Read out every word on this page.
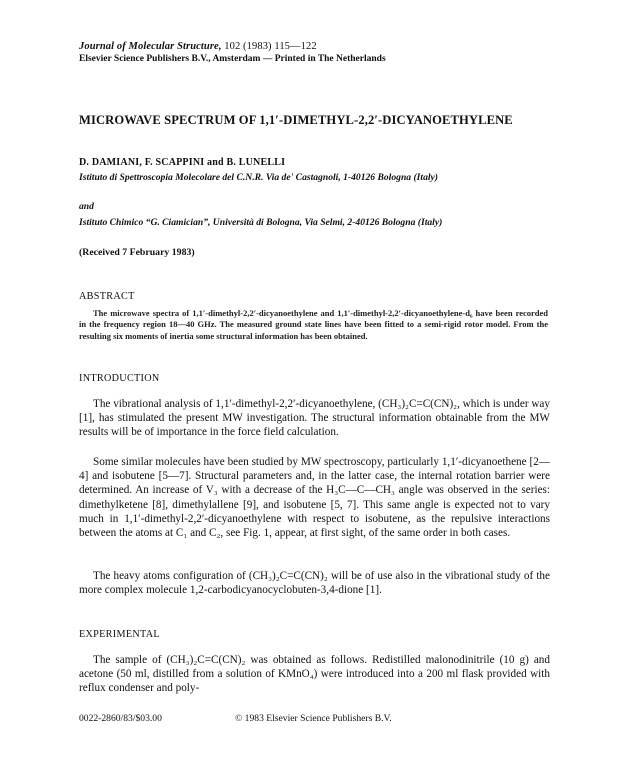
Journal of Molecular Structure, 102 (1983) 115—122
Elsevier Science Publishers B.V., Amsterdam — Printed in The Netherlands
MICROWAVE SPECTRUM OF 1,1′-DIMETHYL-2,2′-DICYANOETHYLENE
D. DAMIANI, F. SCAPPINI and B. LUNELLI
Istituto di Spettroscopia Molecolare del C.N.R. Via de' Castagnoli, 1-40126 Bologna (Italy)
and
Istituto Chimico “G. Ciamician”, Università di Bologna, Via Selmi, 2-40126 Bologna (Italy)
(Received 7 February 1983)
ABSTRACT
The microwave spectra of 1,1′-dimethyl-2,2′-dicyanoethylene and 1,1′-dimethyl-2,2′-dicyanoethylene-d₆ have been recorded in the frequency region 18—40 GHz. The measured ground state lines have been fitted to a semi-rigid rotor model. From the resulting six moments of inertia some structural information has been obtained.
INTRODUCTION
The vibrational analysis of 1,1′-dimethyl-2,2′-dicyanoethylene, (CH₃)₂C=C(CN)₂, which is under way [1], has stimulated the present MW investigation. The structural information obtainable from the MW results will be of importance in the force field calculation.
Some similar molecules have been studied by MW spectroscopy, particularly 1,1′-dicyanoethene [2—4] and isobutene [5—7]. Structural parameters and, in the latter case, the internal rotation barrier were determined. An increase of V₃ with a decrease of the H₃C—C—CH₃ angle was observed in the series: dimethylketene [8], dimethylallene [9], and isobutene [5, 7]. This same angle is expected not to vary much in 1,1′-dimethyl-2,2′-dicyanoethylene with respect to isobutene, as the repulsive interactions between the atoms at C₁ and C₂, see Fig. 1, appear, at first sight, of the same order in both cases.
The heavy atoms configuration of (CH₃)₂C=C(CN)₂ will be of use also in the vibrational study of the more complex molecule 1,2-carbodicyanocyclobuten-3,4-dione [1].
EXPERIMENTAL
The sample of (CH₃)₂C=C(CN)₂ was obtained as follows. Redistilled malonodinitrile (10 g) and acetone (50 ml, distilled from a solution of KMnO₄) were introduced into a 200 ml flask provided with reflux condenser and poly-
0022-2860/83/$03.00	© 1983 Elsevier Science Publishers B.V.
